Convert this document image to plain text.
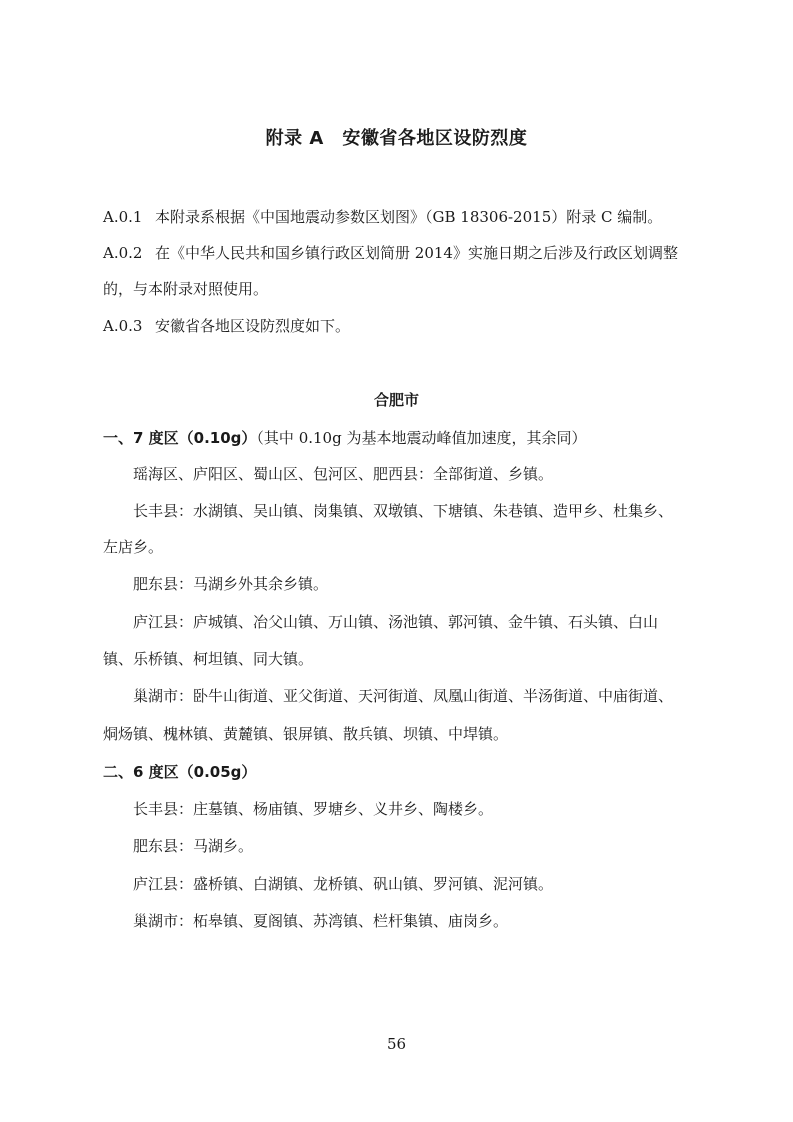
附录 A　安徽省各地区设防烈度
A.0.1 本附录系根据《中国地震动参数区划图》（GB 18306-2015）附录 C 编制。
A.0.2 在《中华人民共和国乡镇行政区划简册 2014》实施日期之后涉及行政区划调整
的，与本附录对照使用。
A.0.3 安徽省各地区设防烈度如下。
合肥市
一、7 度区（0.10g）（其中 0.10g 为基本地震动峰值加速度，其余同）
瑶海区、庐阳区、蜀山区、包河区、肥西县：全部街道、乡镇。
长丰县：水湖镇、吴山镇、岗集镇、双墩镇、下塘镇、朱巷镇、造甲乡、杜集乡、
左店乡。
肥东县：马湖乡外其余乡镇。
庐江县：庐城镇、冶父山镇、万山镇、汤池镇、郭河镇、金牛镇、石头镇、白山
镇、乐桥镇、柯坦镇、同大镇。
巢湖市：卧牛山街道、亚父街道、天河街道、凤凰山街道、半汤街道、中庙街道、
烔炀镇、槐林镇、黄麓镇、银屏镇、散兵镇、坝镇、中垾镇。
二、6 度区（0.05g）
长丰县：庄墓镇、杨庙镇、罗塘乡、义井乡、陶楼乡。
肥东县：马湖乡。
庐江县：盛桥镇、白湖镇、龙桥镇、矾山镇、罗河镇、泥河镇。
巢湖市：柘皋镇、夏阁镇、苏湾镇、栏杆集镇、庙岗乡。
56
